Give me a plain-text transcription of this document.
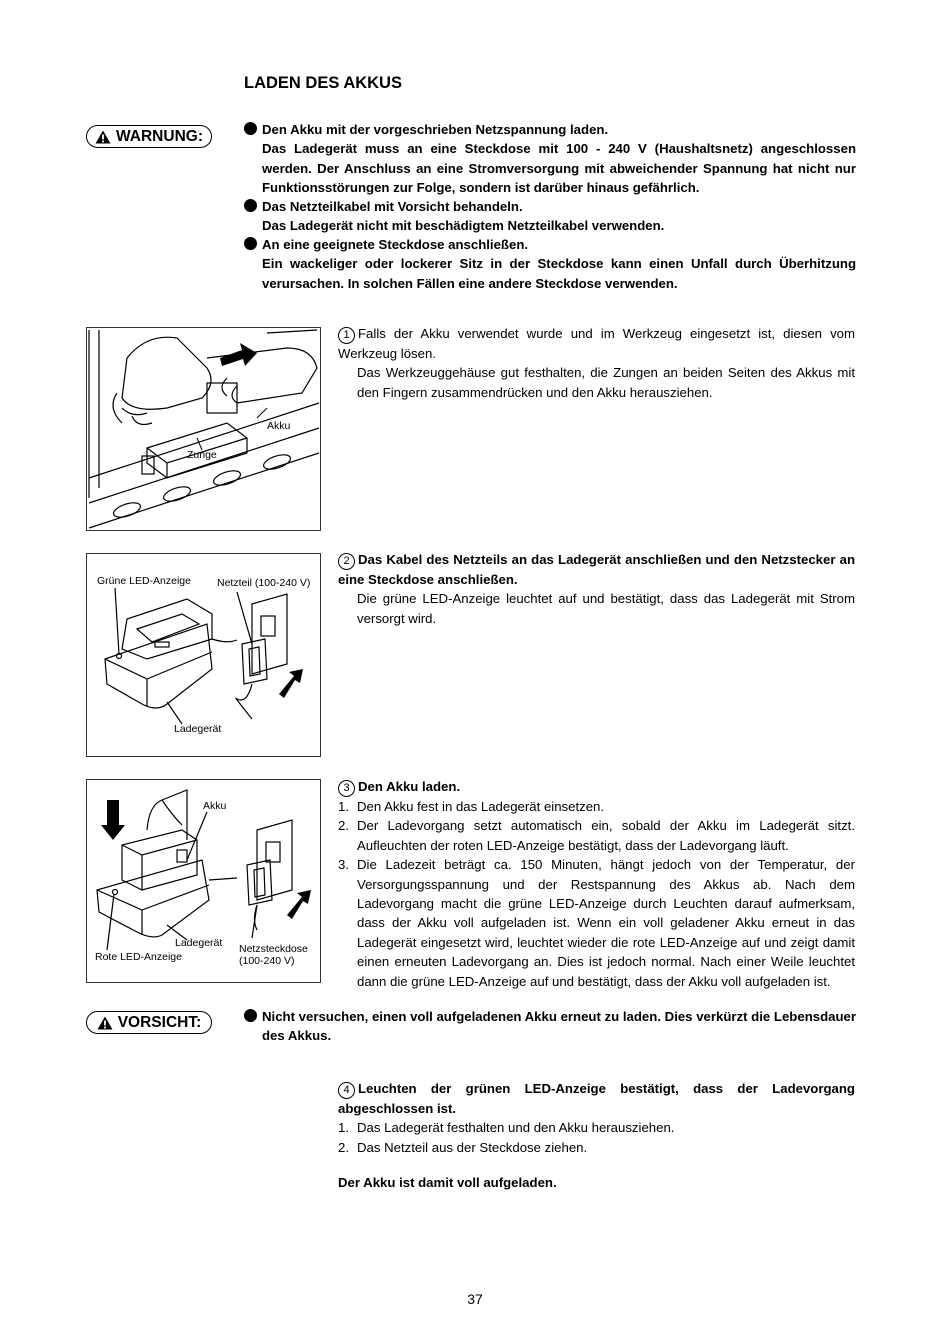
LADEN DES AKKUS
WARNUNG:	Den Akku mit der vorgeschrieben Netzspannung laden.

Das Ladegerät muss an eine Steckdose mit 100 - 240 V (Haushaltsnetz) angeschlossen werden. Der Anschluss an eine Stromversorgung mit abweichender Spannung hat nicht nur Funktionsstörungen zur Folge, sondern ist darüber hinaus gefährlich.

Das Netzteilkabel mit Vorsicht behandeln.

Das Ladegerät nicht mit beschädigtem Netzteilkabel verwenden.

An eine geeignete Steckdose anschließen.

Ein wackeliger oder lockerer Sitz in der Steckdose kann einen Unfall durch Überhitzung verursachen. In solchen Fällen eine andere Steckdose verwenden.

Akku
Zunge

1 Falls der Akku verwendet wurde und im Werkzeug eingesetzt ist, diesen vom Werkzeug lösen.

Das Werkzeuggehäuse gut festhalten, die Zungen an beiden Seiten des Akkus mit den Fingern zusammendrücken und den Akku herausziehen.

Grüne LED-Anzeige Netzteil (100-240 V)
Ladegerät

2 Das Kabel des Netzteils an das Ladegerät anschließen und den Netzstecker an eine Steckdose anschließen.

Die grüne LED-Anzeige leuchtet auf und bestätigt, dass das Ladegerät mit Strom versorgt wird.

Akku
Ladegerät
Rote LED-Anzeige
Netzsteckdose
(100-240 V)

3 Den Akku laden.

1. Den Akku fest in das Ladegerät einsetzen.
2. Der Ladevorgang setzt automatisch ein, sobald der Akku im Ladegerät sitzt. Aufleuchten der roten LED-Anzeige bestätigt, dass der Ladevorgang läuft.
3. Die Ladezeit beträgt ca. 150 Minuten, hängt jedoch von der Temperatur, der Versorgungsspannung und der Restspannung des Akkus ab. Nach dem Ladevorgang macht die grüne LED-Anzeige durch Leuchten darauf aufmerksam, dass der Akku voll aufgeladen ist. Wenn ein voll geladener Akku erneut in das Ladegerät eingesetzt wird, leuchtet wieder die rote LED-Anzeige auf und zeigt damit einen erneuten Ladevorgang an. Dies ist jedoch normal. Nach einer Weile leuchtet dann die grüne LED-Anzeige auf und bestätigt, dass der Akku voll aufgeladen ist.
VORSICHT:	Nicht versuchen, einen voll aufgeladenen Akku erneut zu laden. Dies verkürzt die Lebensdauer des Akkus.

4 Leuchten der grünen LED-Anzeige bestätigt, dass der Ladevorgang abgeschlossen ist.

1. Das Ladegerät festhalten und den Akku herausziehen.
2. Das Netzteil aus der Steckdose ziehen.
Der Akku ist damit voll aufgeladen.
37
